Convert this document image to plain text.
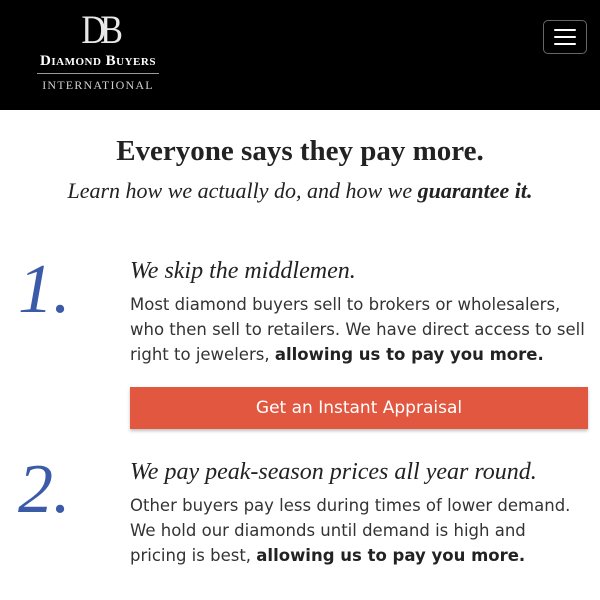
D B
Diamond Buyers
INTERNATIONAL
Everyone says they pay more.

Learn how we actually do, and how we guarantee it.

1.	We skip the middlemen.
Most diamond buyers sell to brokers or wholesalers,
who then sell to retailers. We have direct access to sell
right to jewelers, allowing us to pay you more.
Get an Instant Appraisal
2.	We pay peak-season prices all year round.
Other buyers pay less during times of lower demand.
We hold our diamonds until demand is high and
pricing is best, allowing us to pay you more.
